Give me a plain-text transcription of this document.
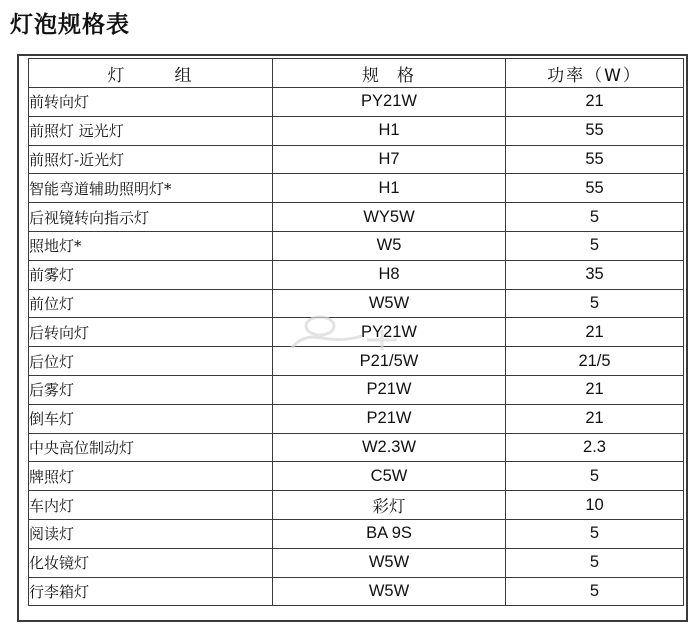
灯泡规格表
灯 组	规 格	功率（W）
前转向灯	PY21W	21
前照灯 远光灯	H1	55
前照灯-近光灯	H7	55
智能弯道辅助照明灯*	H1	55
后视镜转向指示灯	WY5W	5
照地灯*	W5	5
前雾灯	H8	35
前位灯	W5W	5
后转向灯	PY21W	21
后位灯	P21/5W	21/5
后雾灯	P21W	21
倒车灯	P21W	21
中央高位制动灯	W2.3W	2.3
牌照灯	C5W	5
车内灯	彩灯	10
阅读灯	BA 9S	5
化妆镜灯	W5W	5
行李箱灯	W5W	5
